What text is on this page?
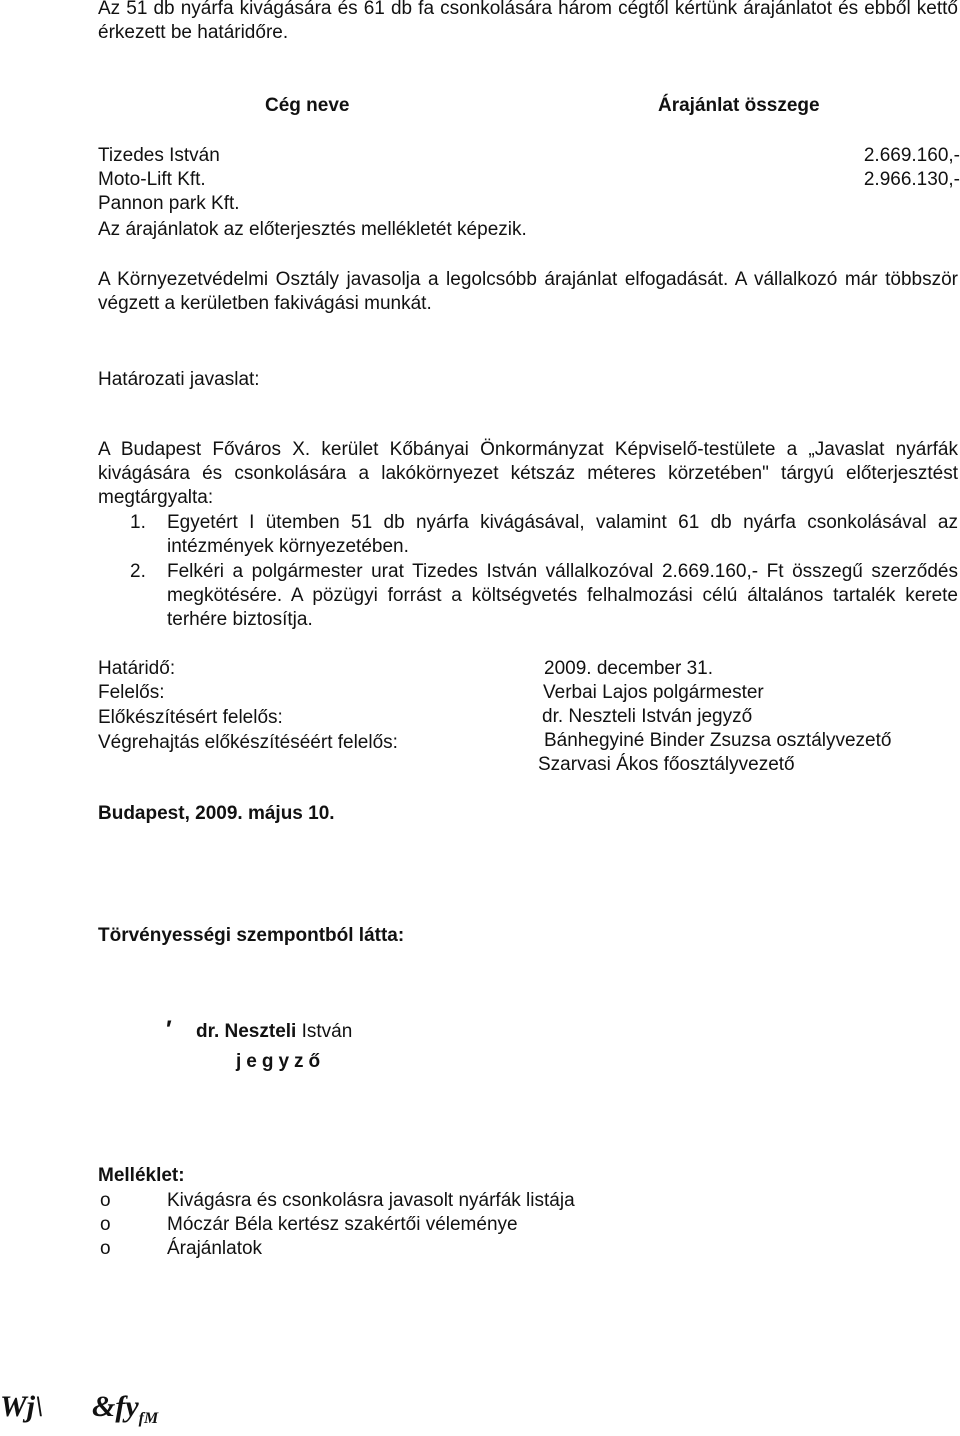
Az 51 db nyárfa kivágására és 61 db fa csonkolására három cégtől kértünk árajánlatot és ebből kettő érkezett be határidőre.
Cég neve	Árajánlat összege
Tizedes István	2.669.160,-
Moto-Lift Kft.	2.966.130,-
Pannon park Kft.
Az árajánlatok az előterjesztés mellékletét képezik.
A Környezetvédelmi Osztály javasolja a legolcsóbb árajánlat elfogadását. A vállalkozó már többször végzett a kerületben fakivágási munkát.
Határozati javaslat:
A Budapest Főváros X. kerület Kőbányai Önkormányzat Képviselő-testülete a „Javaslat nyárfák kivágására és csonkolására a lakókörnyezet kétszáz méteres körzetében" tárgyú előterjesztést megtárgyalta:
1. Egyetért I ütemben 51 db nyárfa kivágásával, valamint 61 db nyárfa csonkolásával az intézmények környezetében.
2. Felkéri a polgármester urat Tizedes István vállalkozóval 2.669.160,- Ft összegű szerződés megkötésére. A pözügyi forrást a költségvetés felhalmozási célú általános tartalék kerete terhére biztosítja.
Határidő:	2009. december 31.
Felelős:	Verbai Lajos polgármester
Előkészítésért felelős:	dr. Neszteli István jegyző
Végrehajtás előkészítéséért felelős:	Bánhegyiné Binder Zsuzsa osztályvezető
Szarvasi Ákos főosztályvezető
Budapest, 2009. május 10.
Törvényességi szempontból látta:
′ dr. Neszteli István
jegyző
Melléklet:
o	Kivágásra és csonkolásra javasolt nyárfák listája
o	Móczár Béla kertész szakértői véleménye
o	Árajánlatok
Wj\ $\&fy_{fM}$
